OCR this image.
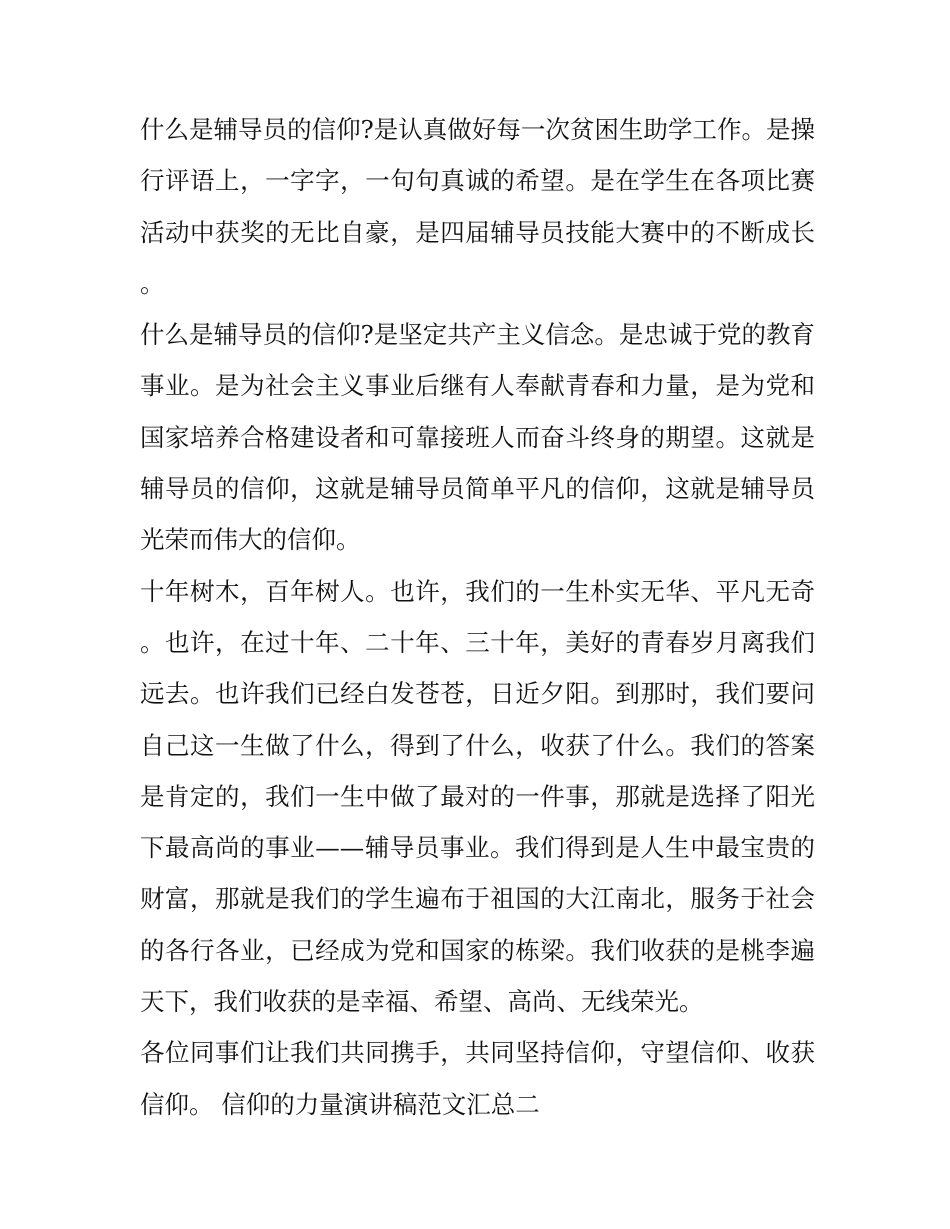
什么是辅导员的信仰?是认真做好每一次贫困生助学工作。是操行评语上，一字字，一句句真诚的希望。是在学生在各项比赛活动中获奖的无比自豪，是四届辅导员技能大赛中的不断成长。

什么是辅导员的信仰?是坚定共产主义信念。是忠诚于党的教育事业。是为社会主义事业后继有人奉献青春和力量，是为党和国家培养合格建设者和可靠接班人而奋斗终身的期望。这就是辅导员的信仰，这就是辅导员简单平凡的信仰，这就是辅导员光荣而伟大的信仰。

十年树木，百年树人。也许，我们的一生朴实无华、平凡无奇。也许，在过十年、二十年、三十年，美好的青春岁月离我们远去。也许我们已经白发苍苍，日近夕阳。到那时，我们要问自己这一生做了什么，得到了什么，收获了什么。我们的答案是肯定的，我们一生中做了最对的一件事，那就是选择了阳光下最高尚的事业——辅导员事业。我们得到是人生中最宝贵的财富，那就是我们的学生遍布于祖国的大江南北，服务于社会的各行各业，已经成为党和国家的栋梁。我们收获的是桃李遍天下，我们收获的是幸福、希望、高尚、无线荣光。

各位同事们让我们共同携手，共同坚持信仰，守望信仰、收获信仰。 信仰的力量演讲稿范文汇总二
